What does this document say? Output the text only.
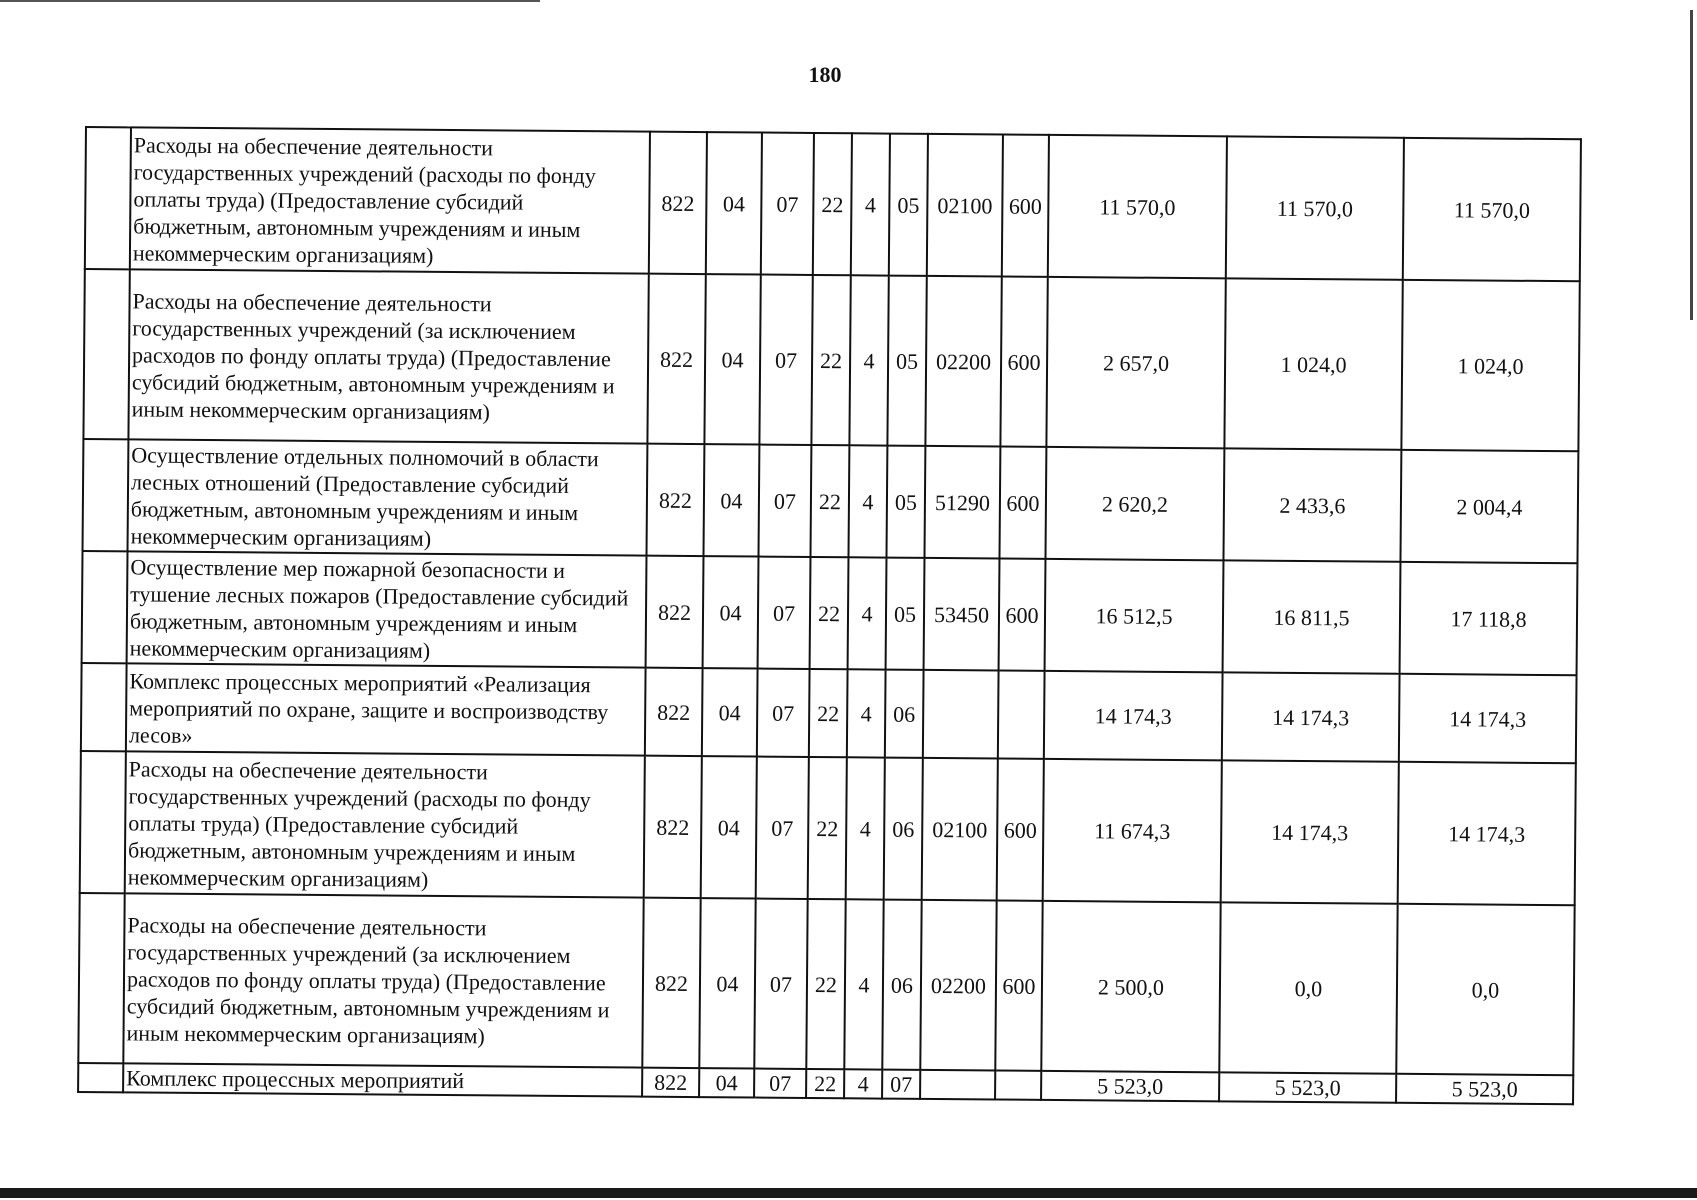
180
	Расходы на обеспечение деятельности государственных учреждений (расходы по фонду оплаты труда) (Предоставление субсидий бюджетным, автономным учреждениям и иным некоммерческим организациям)	822	04	07	22	4	05	02100	600	11 570,0	11 570,0	11 570,0
	Расходы на обеспечение деятельности государственных учреждений (за исключением расходов по фонду оплаты труда) (Предоставление субсидий бюджетным, автономным учреждениям и иным некоммерческим организациям)	822	04	07	22	4	05	02200	600	2 657,0	1 024,0	1 024,0
	Осуществление отдельных полномочий в области лесных отношений (Предоставление субсидий бюджетным, автономным учреждениям и иным некоммерческим организациям)	822	04	07	22	4	05	51290	600	2 620,2	2 433,6	2 004,4
	Осуществление мер пожарной безопасности и тушение лесных пожаров (Предоставление субсидий бюджетным, автономным учреждениям и иным некоммерческим организациям)	822	04	07	22	4	05	53450	600	16 512,5	16 811,5	17 118,8
	Комплекс процессных мероприятий «Реализация мероприятий по охране, защите и воспроизводству лесов»	822	04	07	22	4	06			14 174,3	14 174,3	14 174,3
	Расходы на обеспечение деятельности государственных учреждений (расходы по фонду оплаты труда) (Предоставление субсидий бюджетным, автономным учреждениям и иным некоммерческим организациям)	822	04	07	22	4	06	02100	600	11 674,3	14 174,3	14 174,3
	Расходы на обеспечение деятельности государственных учреждений (за исключением расходов по фонду оплаты труда) (Предоставление субсидий бюджетным, автономным учреждениям и иным некоммерческим организациям)	822	04	07	22	4	06	02200	600	2 500,0	0,0	0,0
	Комплекс процессных мероприятий	822	04	07	22	4	07			5 523,0	5 523,0	5 523,0
